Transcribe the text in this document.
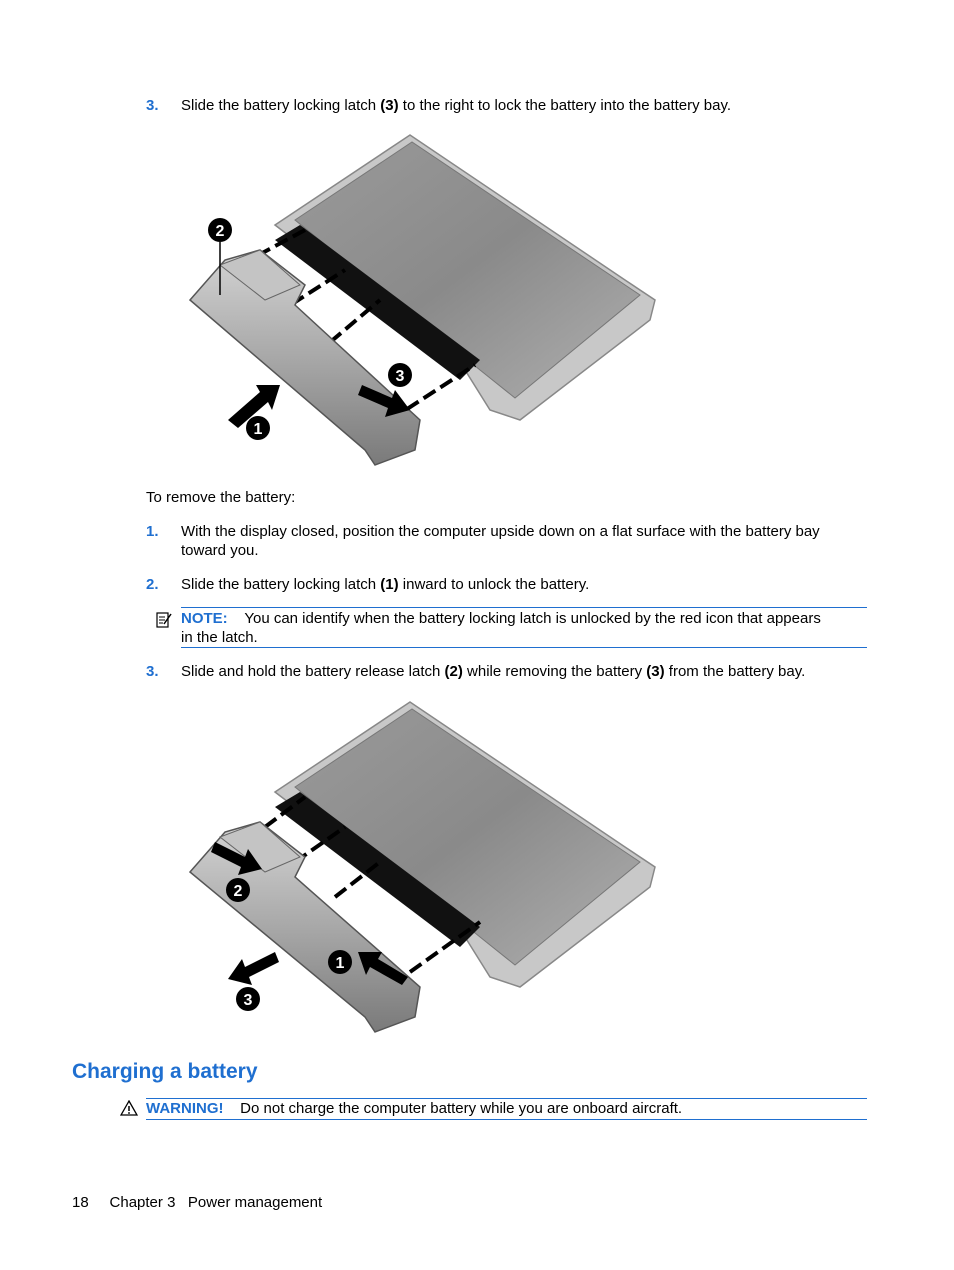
3. Slide the battery locking latch (3) to the right to lock the battery into the battery bay.
2
1
3
To remove the battery:
1. With the display closed, position the computer upside down on a flat surface with the battery bay
toward you.
2. Slide the battery locking latch (1) inward to unlock the battery.
NOTE: You can identify when the battery locking latch is unlocked by the red icon that appears
in the latch.
3. Slide and hold the battery release latch (2) while removing the battery (3) from the battery bay.
2
3
1
Charging a battery
WARNING! Do not charge the computer battery while you are onboard aircraft.
18 Chapter 3 Power management
